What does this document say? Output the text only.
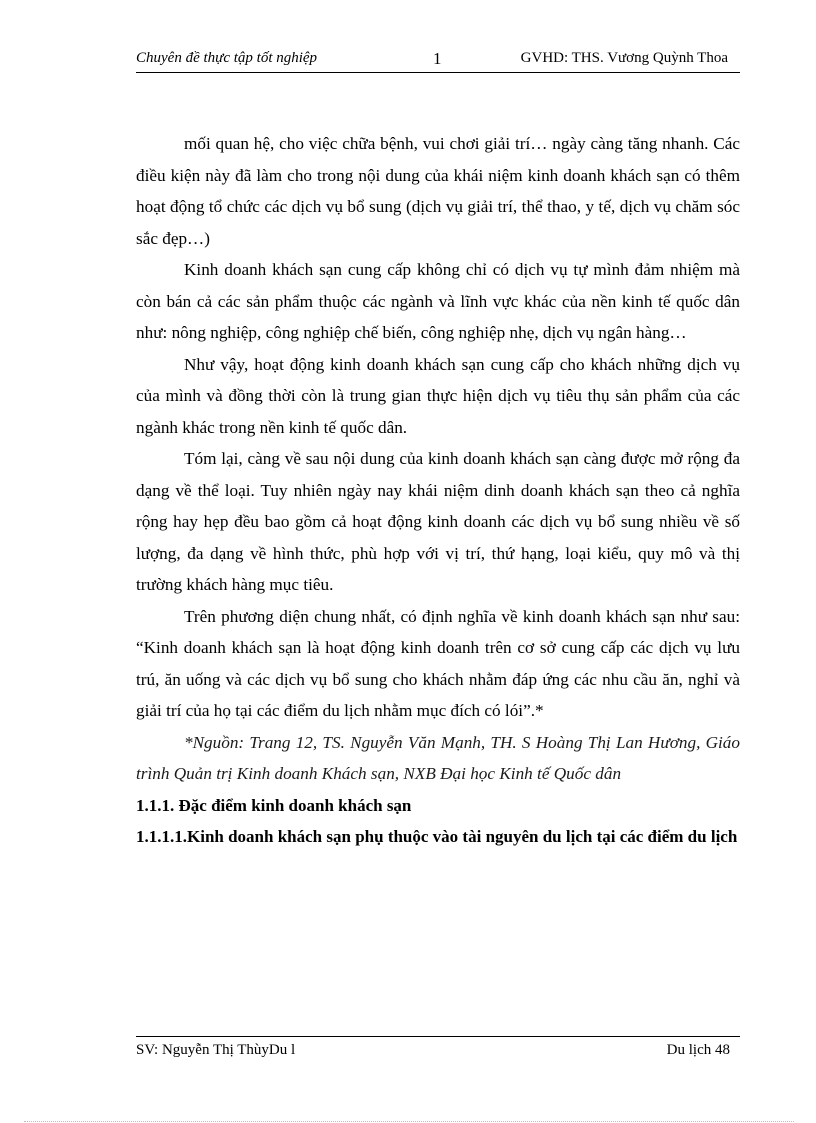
Chuyên đề thực tập tốt nghiệp	1	GVHD: THS. Vương Quỳnh Thoa

mối quan hệ, cho việc chữa bệnh, vui chơi giải trí… ngày càng tăng nhanh. Các điều kiện này đã làm cho trong nội dung của khái niệm kinh doanh khách sạn có thêm hoạt động tổ chức các dịch vụ bổ sung (dịch vụ giải trí, thể thao, y tế, dịch vụ chăm sóc sắc đẹp…)

Kinh doanh khách sạn cung cấp không chỉ có dịch vụ tự mình đảm nhiệm mà còn bán cả các sản phẩm thuộc các ngành và lĩnh vực khác của nền kinh tế quốc dân như: nông nghiệp, công nghiệp chế biến, công nghiệp nhẹ, dịch vụ ngân hàng…

Như vậy, hoạt động kinh doanh khách sạn cung cấp cho khách những dịch vụ của mình và đồng thời còn là trung gian thực hiện dịch vụ tiêu thụ sản phẩm của các ngành khác trong nền kinh tế quốc dân.

Tóm lại, càng về sau nội dung của kinh doanh khách sạn càng được mở rộng đa dạng về thể loại. Tuy nhiên ngày nay khái niệm dinh doanh khách sạn theo cả nghĩa rộng hay hẹp đều bao gồm cả hoạt động kinh doanh các dịch vụ bổ sung nhiều về số lượng, đa dạng về hình thức, phù hợp với vị trí, thứ hạng, loại kiểu, quy mô và thị trường khách hàng mục tiêu.

Trên phương diện chung nhất, có định nghĩa về kinh doanh khách sạn như sau: “Kinh doanh khách sạn là hoạt động kinh doanh trên cơ sở cung cấp các dịch vụ lưu trú, ăn uống và các dịch vụ bổ sung cho khách nhằm đáp ứng các nhu cầu ăn, nghỉ và giải trí của họ tại các điểm du lịch nhằm mục đích có lói”.*

*Nguồn: Trang 12, TS. Nguyễn Văn Mạnh, TH. S Hoàng Thị Lan Hương, Giáo trình Quản trị Kinh doanh Khách sạn, NXB Đại học Kinh tế Quốc dân

1.1.1. Đặc điểm kinh doanh khách sạn
1.1.1.1.Kinh doanh khách sạn phụ thuộc vào tài nguyên du lịch tại các điểm du lịch
SV: Nguyễn Thị ThùyDu l	Du lịch 48
